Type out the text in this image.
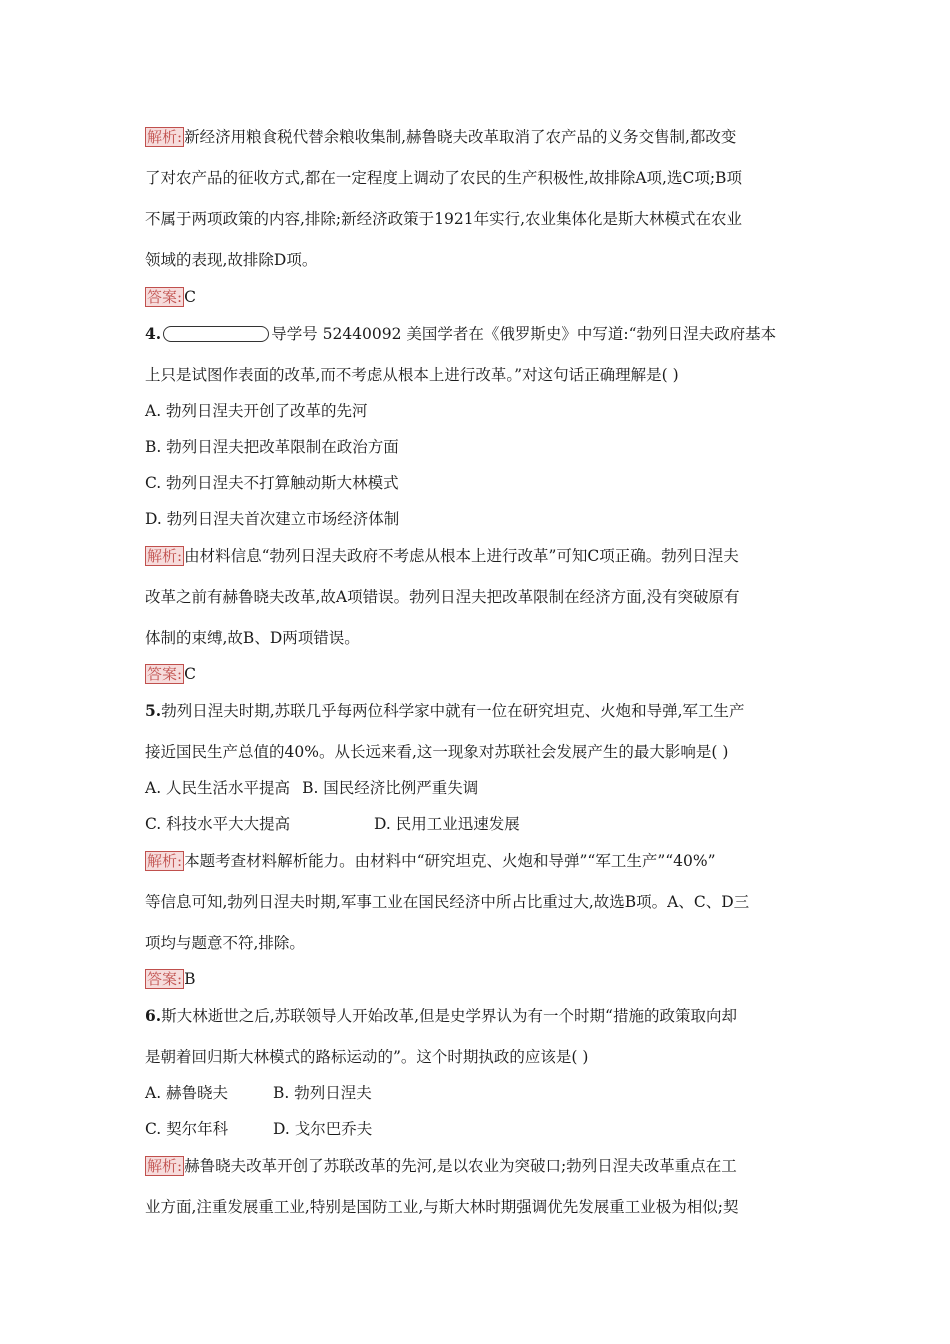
解析: 新经济用粮食税代替余粮收集制,赫鲁晓夫改革取消了农产品的义务交售制,都改变
了对农产品的征收方式,都在一定程度上调动了农民的生产积极性,故排除A项,选C项;B项
不属于两项政策的内容,排除;新经济政策于1921年实行,农业集体化是斯大林模式在农业
领域的表现,故排除D项。
答案: C
4.	导学号 52440092 美国学者在《俄罗斯史》中写道:“勃列日涅夫政府基本
上只是试图作表面的改革,而不考虑从根本上进行改革。”对这句话正确理解是( )
A. 勃列日涅夫开创了改革的先河
B. 勃列日涅夫把改革限制在政治方面
C. 勃列日涅夫不打算触动斯大林模式
D. 勃列日涅夫首次建立市场经济体制
解析: 由材料信息“勃列日涅夫政府不考虑从根本上进行改革”可知C项正确。勃列日涅夫
改革之前有赫鲁晓夫改革,故A项错误。勃列日涅夫把改革限制在经济方面,没有突破原有
体制的束缚,故B、D两项错误。
答案: C
5.勃列日涅夫时期,苏联几乎每两位科学家中就有一位在研究坦克、火炮和导弹,军工生产
接近国民生产总值的40%。从长远来看,这一现象对苏联社会发展产生的最大影响是( )
A. 人民生活水平提高 B. 国民经济比例严重失调
C. 科技水平大大提高	D. 民用工业迅速发展
解析: 本题考查材料解析能力。由材料中“研究坦克、火炮和导弹”“军工生产”“40%”
等信息可知,勃列日涅夫时期,军事工业在国民经济中所占比重过大,故选B项。A、C、D三
项均与题意不符,排除。
答案: B
6.斯大林逝世之后,苏联领导人开始改革,但是史学界认为有一个时期“措施的政策取向却
是朝着回归斯大林模式的路标运动的”。这个时期执政的应该是( )
A. 赫鲁晓夫	B. 勃列日涅夫
C. 契尔年科	D. 戈尔巴乔夫
解析: 赫鲁晓夫改革开创了苏联改革的先河,是以农业为突破口;勃列日涅夫改革重点在工
业方面,注重发展重工业,特别是国防工业,与斯大林时期强调优先发展重工业极为相似;契
